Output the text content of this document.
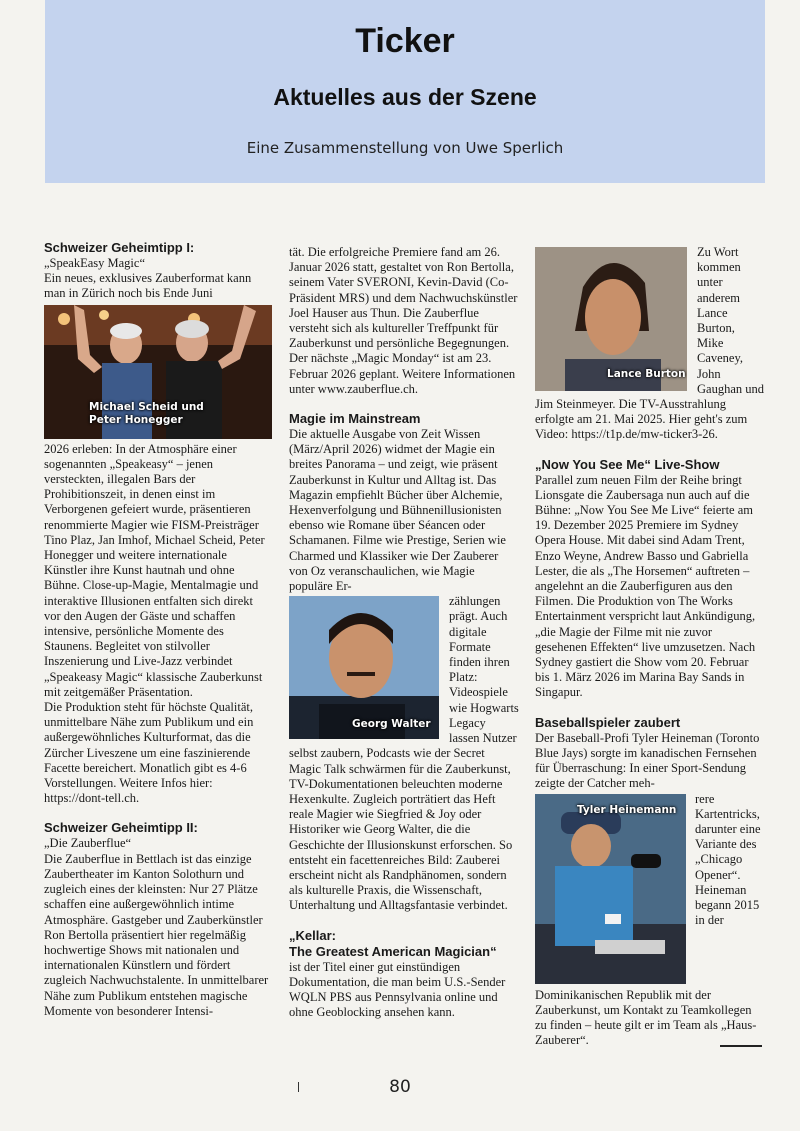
Ticker
Aktuelles aus der Szene
Eine Zusammenstellung von Uwe Sperlich

Schweizer Geheimtipp I:

„SpeakEasy Magic“
Ein neues, exklusives Zauberformat kann man in Zürich noch bis Ende Juni

Michael Scheid und
Peter Honegger

2026 erleben: In der Atmosphäre einer sogenannten „Speakeasy“ – jenen versteckten, illegalen Bars der Prohibitionszeit, in denen einst im Verborgenen gefeiert wurde, präsentieren renommierte Magier wie FISM-Preisträger Tino Plaz, Jan Imhof, Michael Scheid, Peter Honegger und weitere internationale Künstler ihre Kunst hautnah und ohne Bühne. Close-up-Magie, Mentalmagie und interaktive Illusionen entfalten sich direkt vor den Augen der Gäste und schaffen intensive, persönliche Momente des Staunens. Begleitet von stilvoller Inszenierung und Live-Jazz verbindet „Speakeasy Magic“ klassische Zauberkunst mit zeitgemäßer Präsentation.

Die Produktion steht für höchste Qualität, unmittelbare Nähe zum Publikum und ein außergewöhnliches Kulturformat, das die Zürcher Liveszene um eine faszinierende Facette bereichert. Monatlich gibt es 4-6 Vorstellungen. Weitere Infos hier: https://dont-tell.ch.

Schweizer Geheimtipp II:

„Die Zauberflue“

Die Zauberflue in Bettlach ist das einzige Zaubertheater im Kanton Solothurn und zugleich eines der kleinsten: Nur 27 Plätze schaffen eine außergewöhnlich intime Atmosphäre. Gastgeber und Zauberkünstler Ron Bertolla präsentiert hier regelmäßig hochwertige Shows mit nationalen und internationalen Künstlern und fördert zugleich Nachwuchstalente. In unmittelbarer Nähe zum Publikum entstehen magische Momente von besonderer Intensi-

tät. Die erfolgreiche Premiere fand am 26. Januar 2026 statt, gestaltet von Ron Bertolla, seinem Vater SVERONI, Kevin-David (Co-Präsident MRS) und dem Nachwuchskünstler Joel Hauser aus Thun. Die Zauberflue versteht sich als kultureller Treffpunkt für Zauberkunst und persönliche Begegnungen. Der nächste „Magic Monday“ ist am 23. Februar 2026 geplant. Weitere Informationen unter www.zauberflue.ch.

Magie im Mainstream

Die aktuelle Ausgabe von Zeit Wissen (März/April 2026) widmet der Magie ein breites Panorama – und zeigt, wie präsent Zauberkunst in Kultur und Alltag ist. Das Magazin empfiehlt Bücher über Alchemie, Hexenverfolgung und Bühnenillusionisten ebenso wie Romane über Séancen oder Schamanen. Filme wie Prestige, Serien wie Charmed und Klassiker wie Der Zauberer von Oz veranschaulichen, wie Magie populäre Er-

Georg Walter

zählungen prägt. Auch digitale Formate finden ihren Platz: Videospiele wie Hogwarts Legacy lassen Nutzer selbst zaubern, Podcasts wie der Secret Magic Talk schwärmen für die Zauberkunst, TV-Dokumentationen beleuchten moderne Hexenkulte. Zugleich porträtiert das Heft reale Magier wie Siegfried & Joy oder Historiker wie Georg Walter, die die Geschichte der Illusionskunst erforschen. So entsteht ein facettenreiches Bild: Zauberei erscheint nicht als Randphänomen, sondern als kulturelle Praxis, die Wissenschaft, Unterhaltung und Alltagsfantasie verbindet.

„Kellar:
The Greatest American Magician“

ist der Titel einer gut einstündigen Dokumentation, die man beim U.S.-Sender WQLN PBS aus Pennsylvania online und ohne Geoblocking ansehen kann.

Lance Burton

Zu Wort kommen unter anderem Lance Burton, Mike Caveney, John Gaughan und Jim Steinmeyer. Die TV-Ausstrahlung erfolgte am 21. Mai 2025. Hier geht's zum Video: https://t1p.de/mw-ticker3-26.

„Now You See Me“ Live-Show

Parallel zum neuen Film der Reihe bringt Lionsgate die Zaubersaga nun auch auf die Bühne: „Now You See Me Live“ feierte am 19. Dezember 2025 Premiere im Sydney Opera House. Mit dabei sind Adam Trent, Enzo Weyne, Andrew Basso und Gabriella Lester, die als „The Horsemen“ auftreten – angelehnt an die Zauberfiguren aus den Filmen. Die Produktion von The Works Entertainment verspricht laut Ankündigung, „die Magie der Filme mit nie zuvor gesehenen Effekten“ live umzusetzen. Nach Sydney gastiert die Show vom 20. Februar bis 1. März 2026 im Marina Bay Sands in Singapur.

Baseballspieler zaubert

Der Baseball-Profi Tyler Heineman (Toronto Blue Jays) sorgte im kanadischen Fernsehen für Überraschung: In einer Sport-Sendung zeigte der Catcher meh-

Tyler Heinemann

rere Kartentricks, darunter eine Variante des „Chicago Opener“. Heineman begann 2015 in der Dominikanischen Republik mit der Zauberkunst, um Kontakt zu Teamkollegen zu finden – heute gilt er im Team als „Haus-Zauberer“.

80
